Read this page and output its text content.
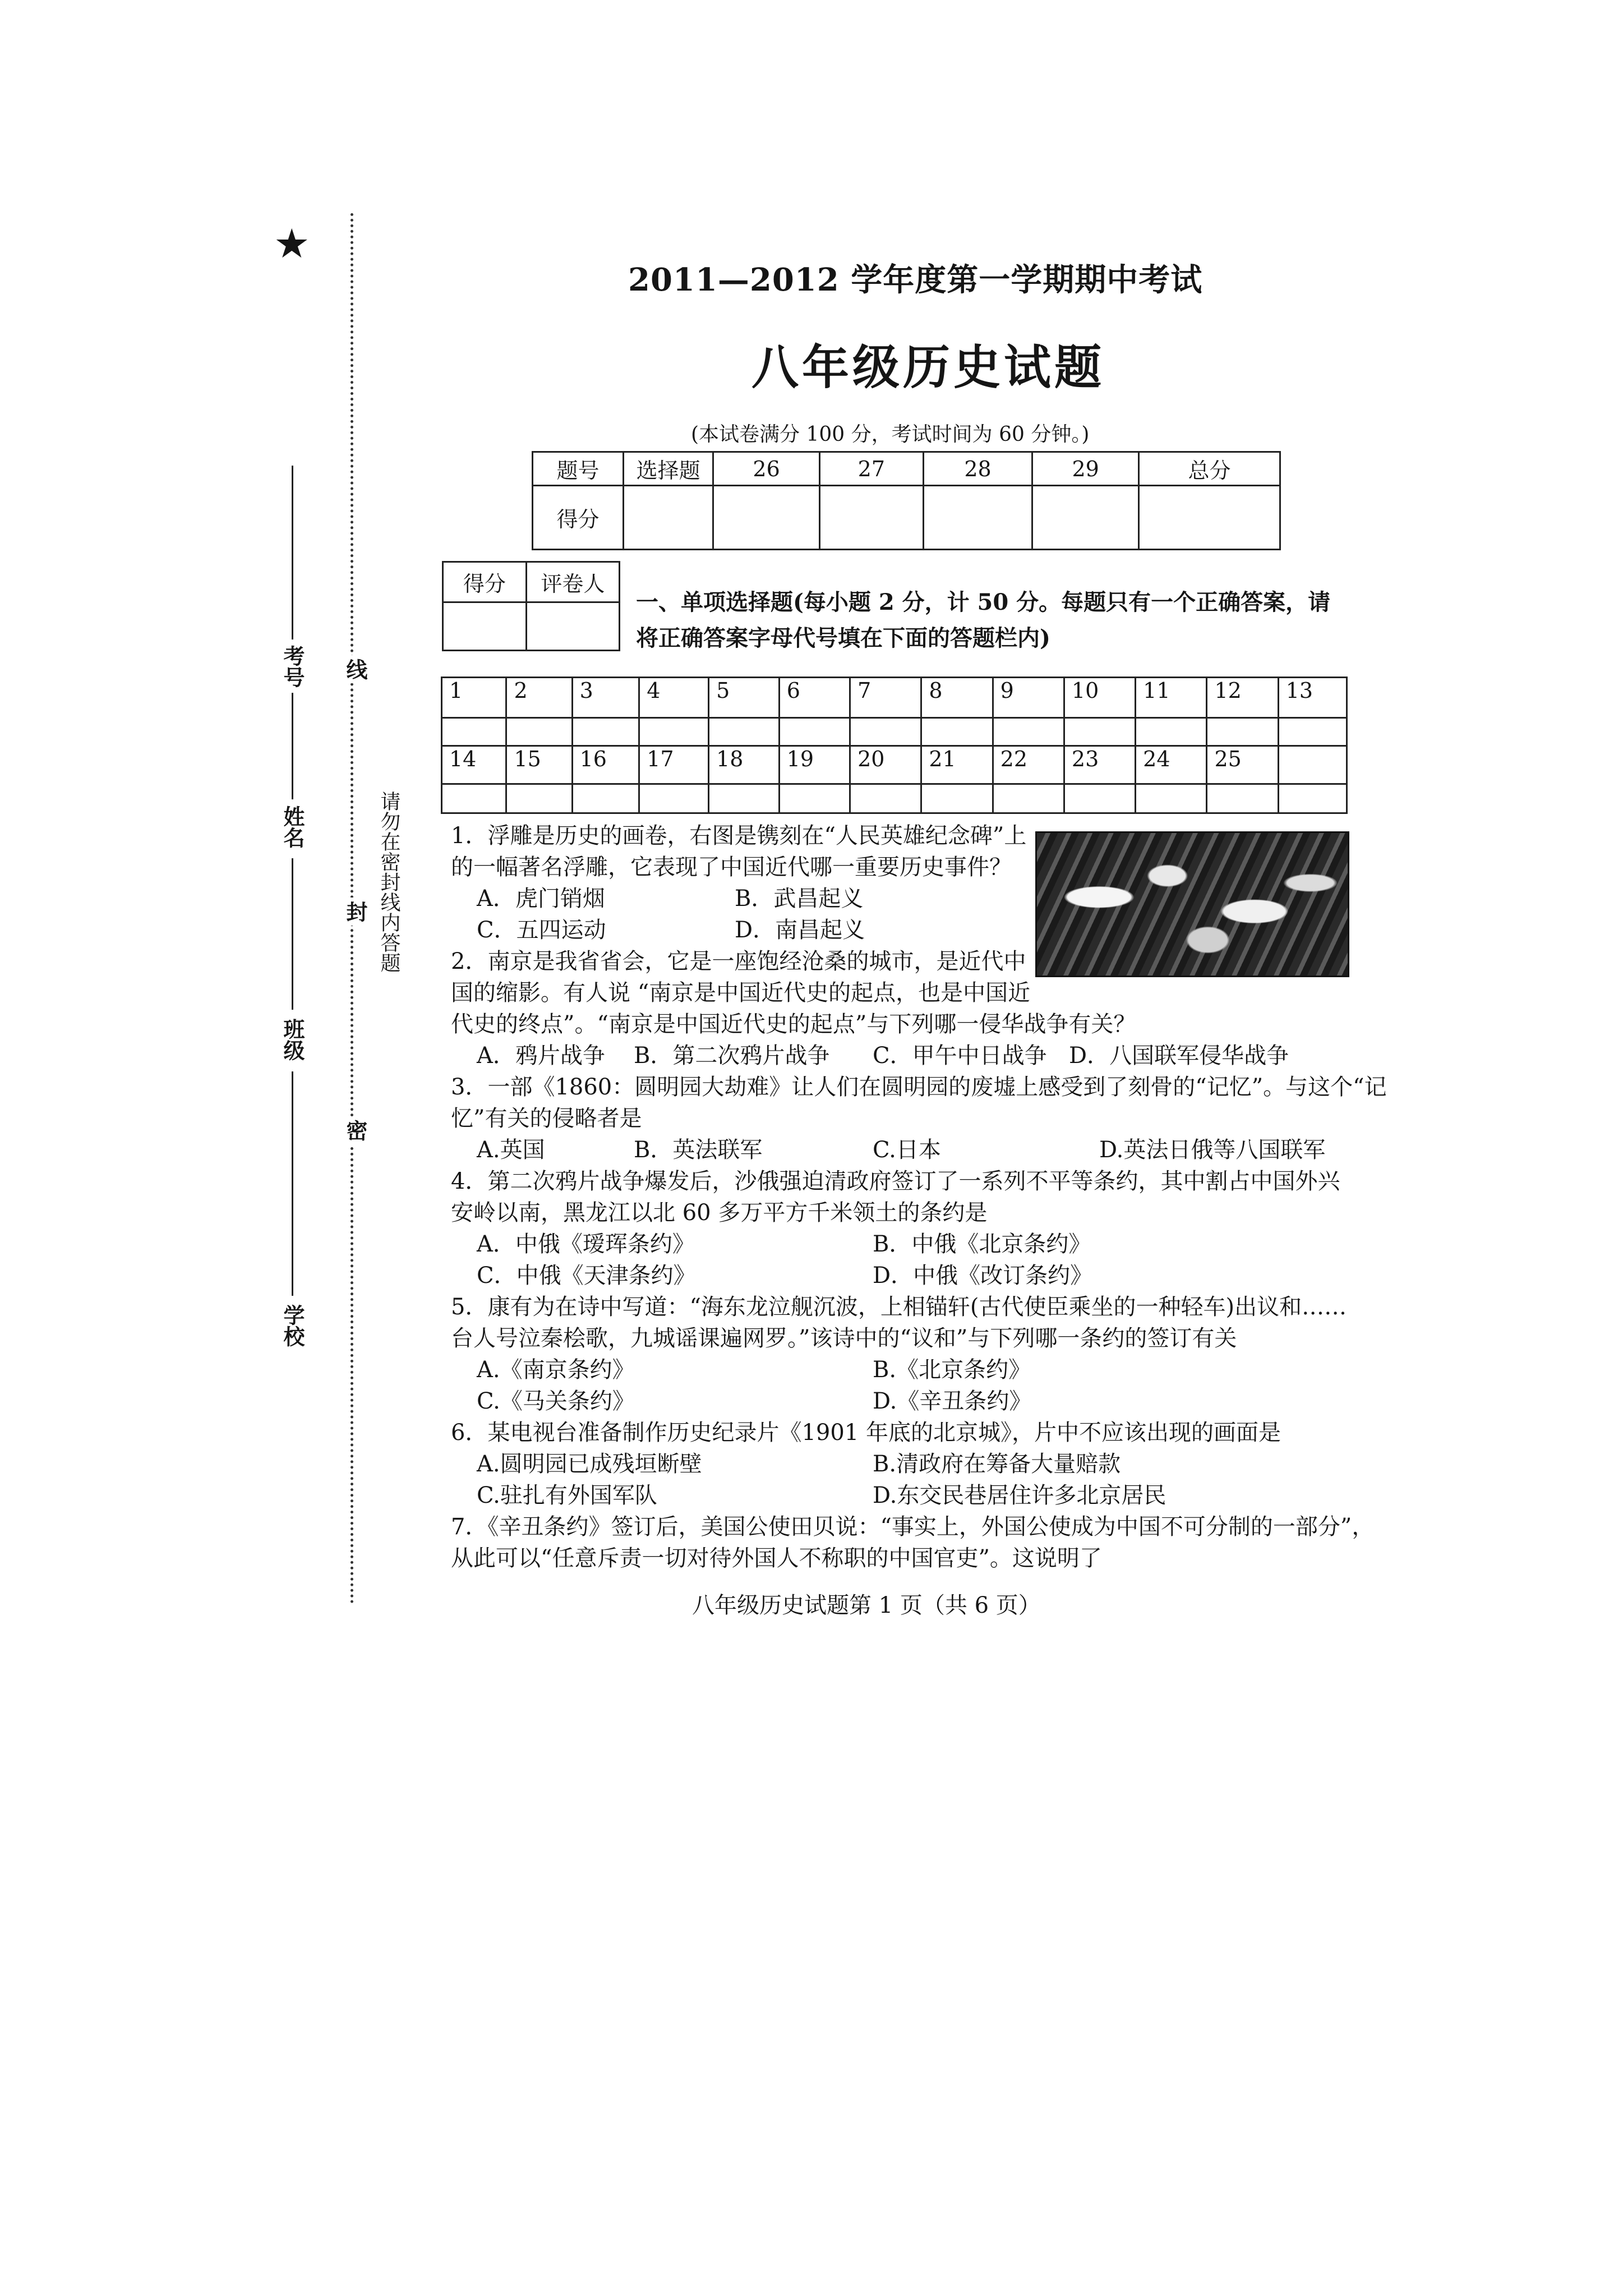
★
考号
姓名
班级
学校
线
封
密
请勿在密封线内答题
2011—2012 学年度第一学期期中考试
八年级历史试题
(本试卷满分 100 分，考试时间为 60 分钟。)
题号	选择题	26	27	28	29	总分
得分						
得分	评卷人

一、单项选择题(每小题 2 分，计 50 分。每题只有一个正确答案，请将正确答案字母代号填在下面的答题栏内)
1	2	3	4	5	6	7	8	9	10	11	12	13

14	15	16	17	18	19	20	21	22	23	24	25	

1．浮雕是历史的画卷，右图是镌刻在“人民英雄纪念碑”上
的一幅著名浮雕，它表现了中国近代哪一重要历史事件？
A．虎门销烟	B．武昌起义
C．五四运动	D．南昌起义
2．南京是我省省会，它是一座饱经沧桑的城市，是近代中
国的缩影。有人说 “南京是中国近代史的起点，也是中国近
代史的终点”。“南京是中国近代史的起点”与下列哪一侵华战争有关？
A．鸦片战争 B．第二次鸦片战争 C．甲午中日战争 D．八国联军侵华战争
3．一部《1860：圆明园大劫难》让人们在圆明园的废墟上感受到了刻骨的“记忆”。与这个“记
忆”有关的侵略者是
A.英国	B．英法联军	C.日本	D.英法日俄等八国联军
4．第二次鸦片战争爆发后，沙俄强迫清政府签订了一系列不平等条约，其中割占中国外兴
安岭以南，黑龙江以北 60 多万平方千米领土的条约是
A．中俄《瑷珲条约》	B．中俄《北京条约》
C．中俄《天津条约》	D．中俄《改订条约》
5．康有为在诗中写道：“海东龙泣舰沉波，上相锚轩(古代使臣乘坐的一种轻车)出议和……
台人号泣秦桧歌，九城谣课遍网罗。”该诗中的“议和”与下列哪一条约的签订有关
A.《南京条约》	B.《北京条约》
C.《马关条约》	D.《辛丑条约》
6．某电视台准备制作历史纪录片《1901 年底的北京城》，片中不应该出现的画面是
A.圆明园已成残垣断壁	B.清政府在筹备大量赔款
C.驻扎有外国军队	D.东交民巷居住许多北京居民
7．《辛丑条约》签订后，美国公使田贝说：“事实上，外国公使成为中国不可分制的一部分”，
从此可以“任意斥责一切对待外国人不称职的中国官吏”。这说明了
八年级历史试题第 1 页（共 6 页）
